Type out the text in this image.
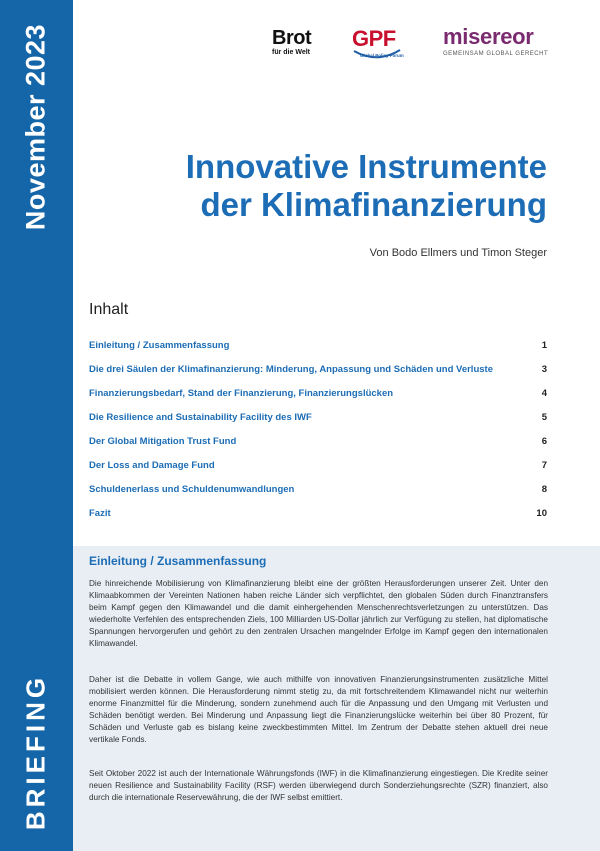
November 2023
BRIEFING
Brot
für die Welt
GPF
Global Policy Forum
misereor
GEMEINSAM GLOBAL GERECHT
Innovative Instrumente
der Klimafinanzierung
Von Bodo Ellmers und Timon Steger
Inhalt
Einleitung / Zusammenfassung	1
Die drei Säulen der Klimafinanzierung: Minderung, Anpassung und Schäden und Verluste	3
Finanzierungsbedarf, Stand der Finanzierung, Finanzierungslücken	4
Die Resilience and Sustainability Facility des IWF	5
Der Global Mitigation Trust Fund	6
Der Loss and Damage Fund	7
Schuldenerlass und Schuldenumwandlungen	8
Fazit	10
Einleitung / Zusammenfassung

Die hinreichende Mobilisierung von Klimafinanzierung bleibt eine der größten Herausforderungen unserer Zeit. Unter den Klimaabkommen der Vereinten Nationen haben reiche Länder sich verpflichtet, den globalen Süden durch Finanztransfers beim Kampf gegen den Klimawandel und die damit einhergehenden Menschenrechtsverletzungen zu unterstützen. Das wiederholte Verfehlen des entsprechenden Ziels, 100 Milliarden US-Dollar jährlich zur Verfügung zu stellen, hat diplomatische Spannungen hervorgerufen und gehört zu den zentralen Ursachen mangelnder Erfolge im Kampf gegen den internationalen Klimawandel.

Daher ist die Debatte in vollem Gange, wie auch mithilfe von innovativen Finanzierungsinstrumenten zusätzliche Mittel mobilisiert werden können. Die Herausforderung nimmt stetig zu, da mit fortschreitendem Klimawandel nicht nur weiterhin enorme Finanzmittel für die Minderung, sondern zunehmend auch für die Anpassung und den Umgang mit Verlusten und Schäden benötigt werden. Bei Minderung und Anpassung liegt die Finanzierungslücke weiterhin bei über 80 Prozent, für Schäden und Verluste gab es bislang keine zweckbestimmten Mittel. Im Zentrum der Debatte stehen aktuell drei neue vertikale Fonds.

Seit Oktober 2022 ist auch der Internationale Währungsfonds (IWF) in die Klimafinanzierung eingestiegen. Die Kredite seiner neuen Resilience and Sustainability Facility (RSF) werden überwiegend durch Sonderziehungsrechte (SZR) finanziert, also durch die internationale Reservewährung, die der IWF selbst emittiert.
